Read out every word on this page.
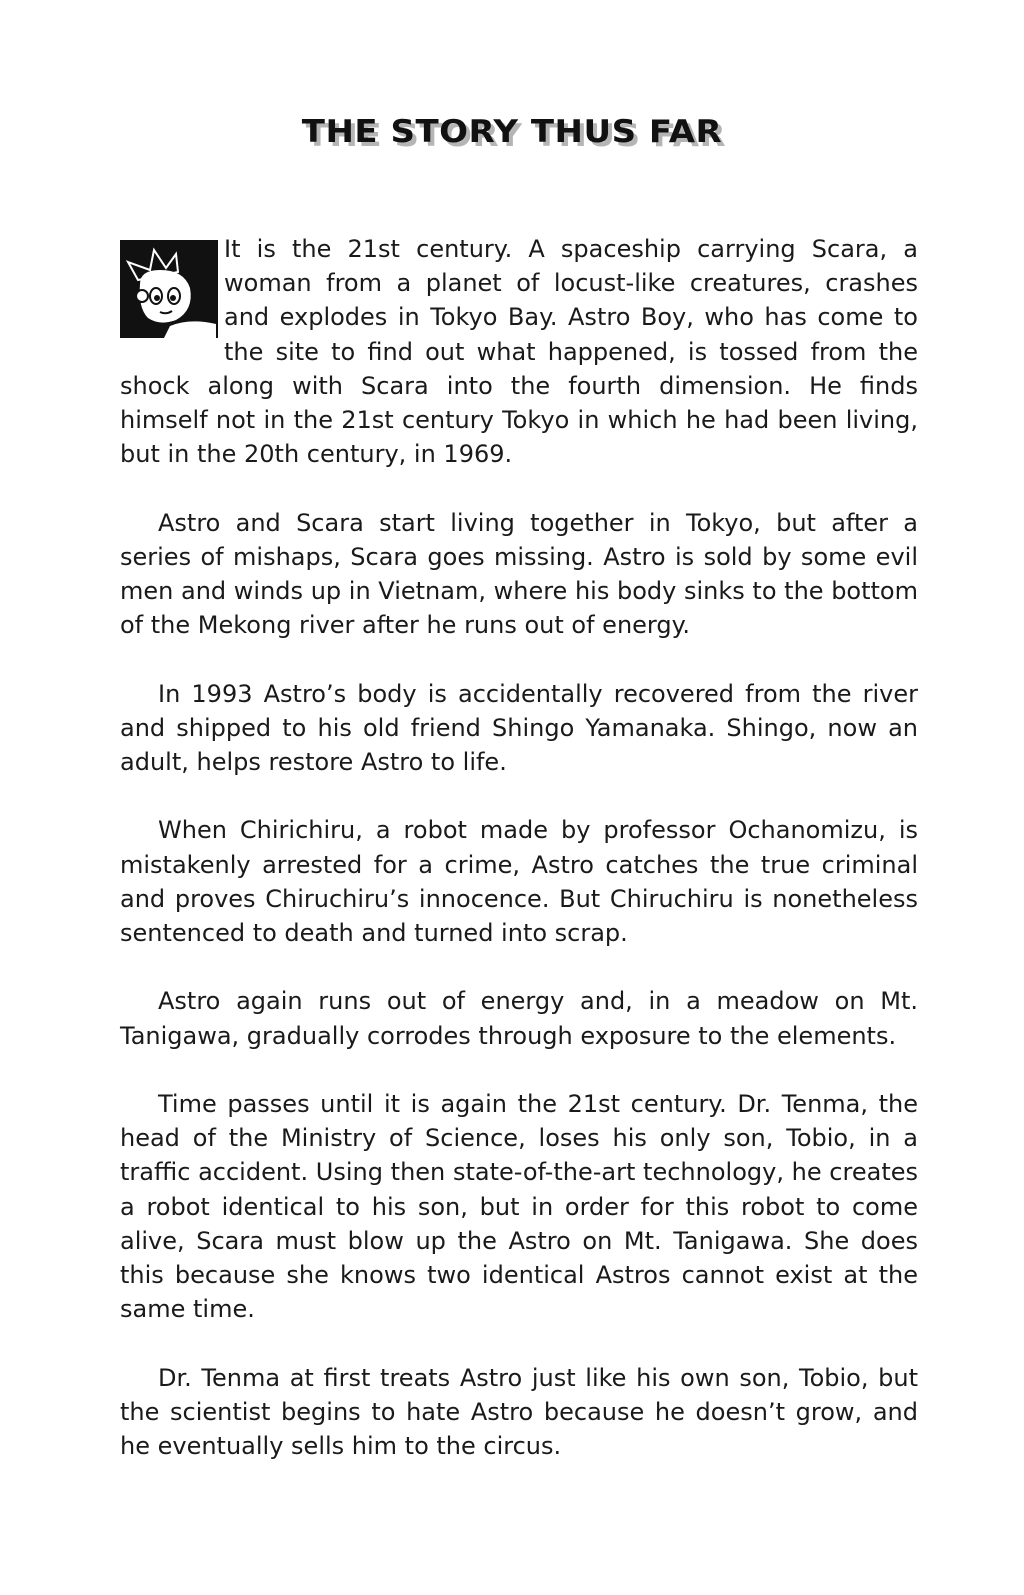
THE STORY THUS FAR

It is the 21st century. A spaceship carrying Scara, a woman from a planet of locust-like creatures, crashes and explodes in Tokyo Bay. Astro Boy, who has come to the site to find out what happened, is tossed from the shock along with Scara into the fourth dimension. He finds himself not in the 21st century Tokyo in which he had been living, but in the 20th century, in 1969.

Astro and Scara start living together in Tokyo, but after a series of mishaps, Scara goes missing. Astro is sold by some evil men and winds up in Vietnam, where his body sinks to the bottom of the Mekong river after he runs out of energy.

In 1993 Astro’s body is accidentally recovered from the river and shipped to his old friend Shingo Yamanaka. Shingo, now an adult, helps restore Astro to life.

When Chirichiru, a robot made by professor Ochanomizu, is mistakenly arrested for a crime, Astro catches the true criminal and proves Chiruchiru’s innocence. But Chiruchiru is nonetheless sentenced to death and turned into scrap.

Astro again runs out of energy and, in a meadow on Mt. Tanigawa, gradually corrodes through exposure to the elements.

Time passes until it is again the 21st century. Dr. Tenma, the head of the Ministry of Science, loses his only son, Tobio, in a traffic accident. Using then state-of-the-art technology, he creates a robot identical to his son, but in order for this robot to come alive, Scara must blow up the Astro on Mt. Tanigawa. She does this because she knows two identical Astros cannot exist at the same time.

Dr. Tenma at first treats Astro just like his own son, Tobio, but the scientist begins to hate Astro because he doesn’t grow, and he eventually sells him to the circus.
